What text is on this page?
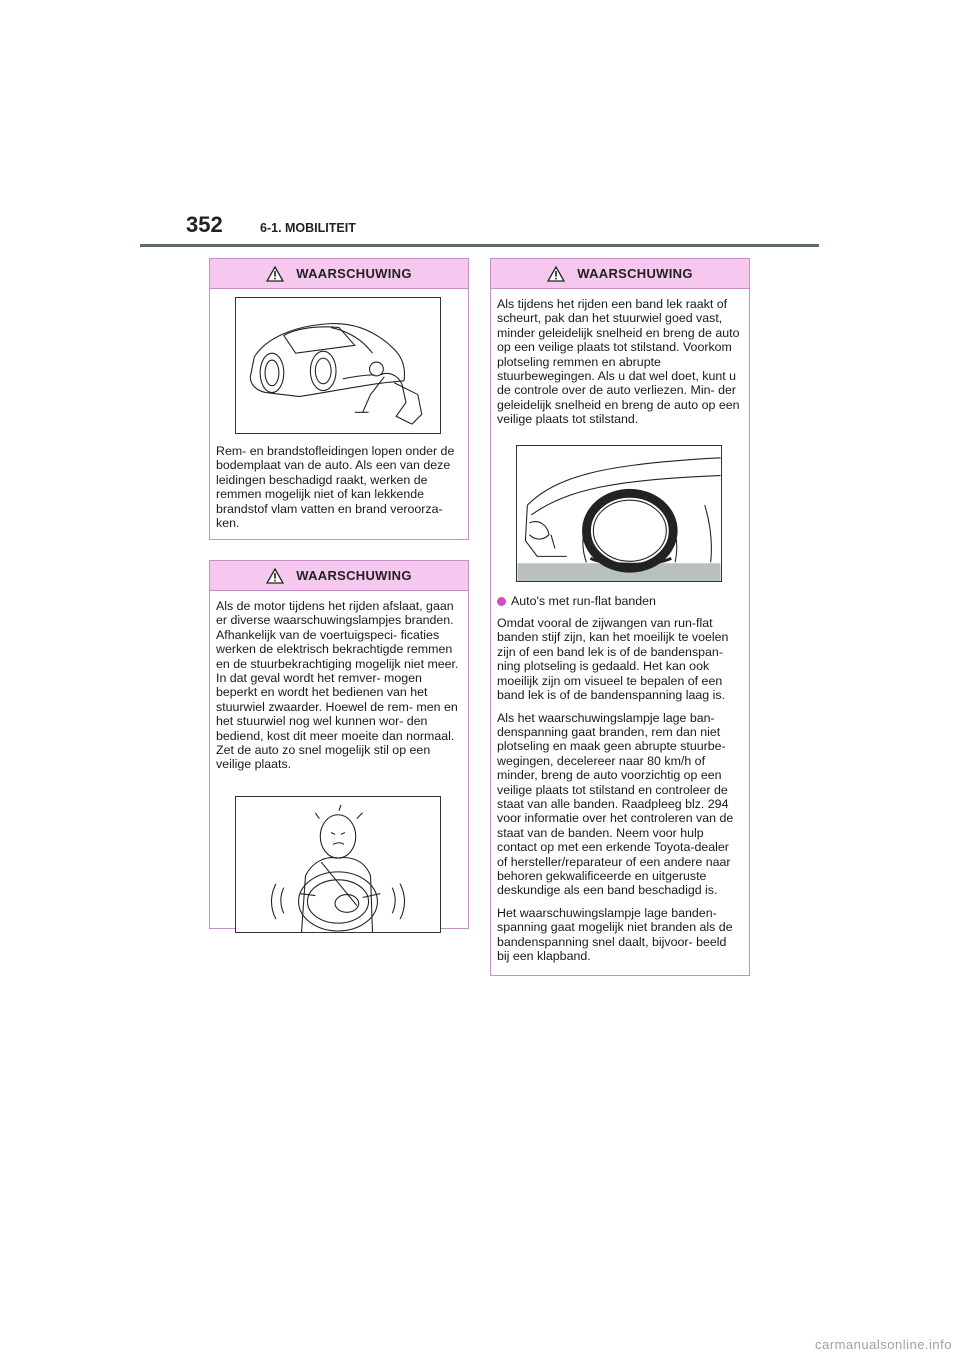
352	6-1. MOBILITEIT
WAARSCHUWING

Rem- en brandstofleidingen lopen onder de bodemplaat van de auto. Als een van deze leidingen beschadigd raakt, werken de remmen mogelijk niet of kan lekkende brandstof vlam vatten en brand veroorza- ken.

WAARSCHUWING

Als de motor tijdens het rijden afslaat, gaan er diverse waarschuwingslampjes branden. Afhankelijk van de voertuigspeci- ficaties werken de elektrisch bekrachtigde remmen en de stuurbekrachtiging mogelijk niet meer. In dat geval wordt het remver- mogen beperkt en wordt het bedienen van het stuurwiel zwaarder. Hoewel de rem- men en het stuurwiel nog wel kunnen wor- den bediend, kost dit meer moeite dan normaal. Zet de auto zo snel mogelijk stil op een veilige plaats.

WAARSCHUWING

Als tijdens het rijden een band lek raakt of scheurt, pak dan het stuurwiel goed vast, minder geleidelijk snelheid en breng de auto op een veilige plaats tot stilstand. Voorkom plotseling remmen en abrupte stuurbewegingen. Als u dat wel doet, kunt u de controle over de auto verliezen. Min- der geleidelijk snelheid en breng de auto op een veilige plaats tot stilstand.

Auto's met run-flat banden

Omdat vooral de zijwangen van run-flat banden stijf zijn, kan het moeilijk te voelen zijn of een band lek is of de bandenspan- ning plotseling is gedaald. Het kan ook moeilijk zijn om visueel te bepalen of een band lek is of de bandenspanning laag is.

Als het waarschuwingslampje lage ban- denspanning gaat branden, rem dan niet plotseling en maak geen abrupte stuurbe- wegingen, decelereer naar 80 km/h of minder, breng de auto voorzichtig op een veilige plaats tot stilstand en controleer de staat van alle banden. Raadpleeg blz. 294 voor informatie over het controleren van de staat van de banden. Neem voor hulp contact op met een erkende Toyota-dealer of hersteller/reparateur of een andere naar behoren gekwalificeerde en uitgeruste deskundige als een band beschadigd is.

Het waarschuwingslampje lage banden- spanning gaat mogelijk niet branden als de bandenspanning snel daalt, bijvoor- beeld bij een klapband.

carmanualsonline.info
